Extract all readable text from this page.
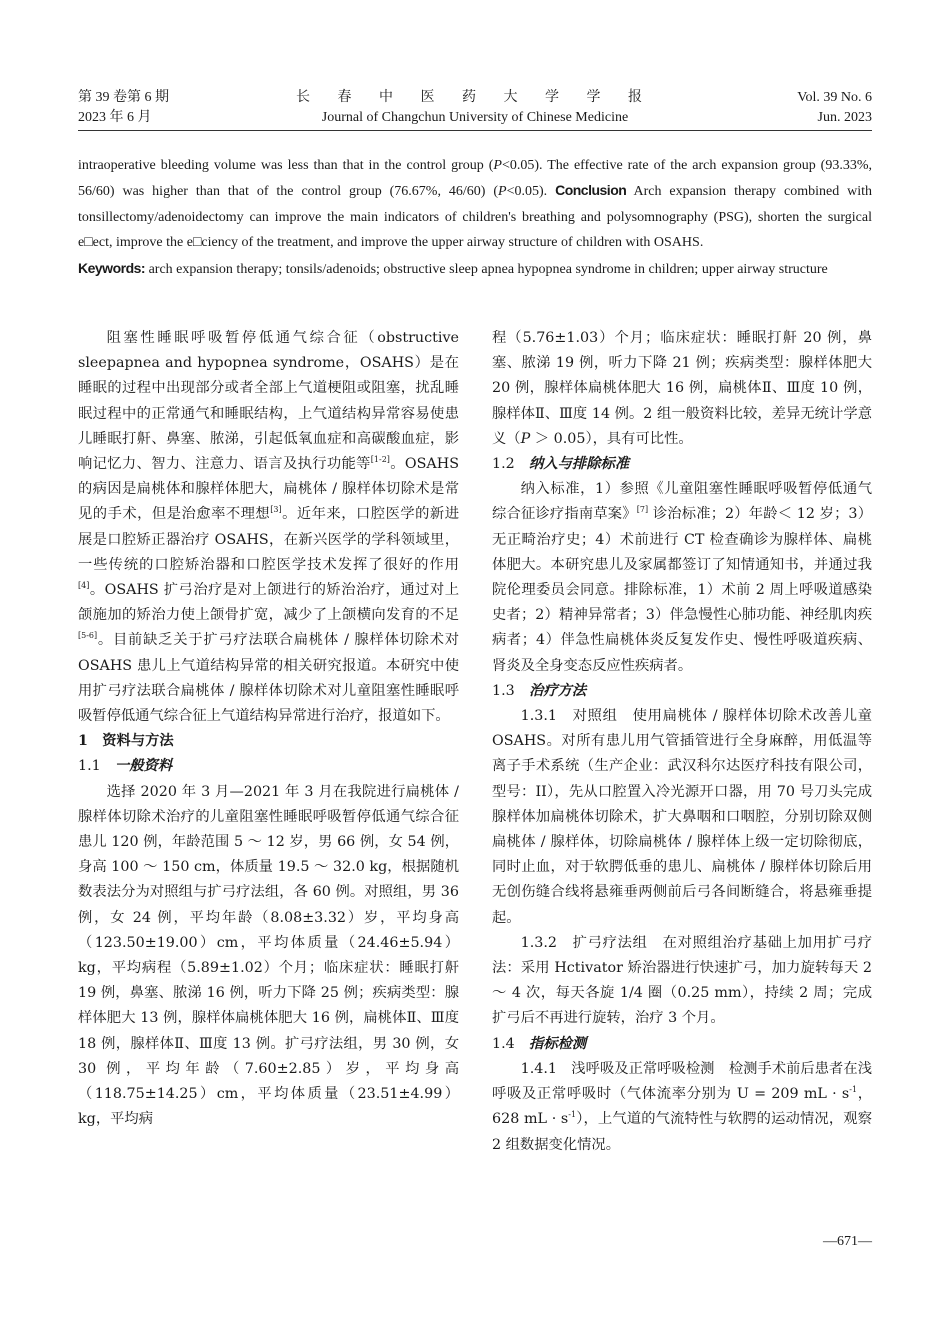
第 39 卷第 6 期
2023 年 6 月
长 春 中 医 药 大 学 学 报
Journal of Changchun University of Chinese Medicine
Vol. 39 No. 6
Jun. 2023
intraoperative bleeding volume was less than that in the control group (P<0.05). The effective rate of the arch expansion group (93.33%, 56/60) was higher than that of the control group (76.67%, 46/60) (P<0.05). Conclusion Arch expansion therapy combined with tonsillectomy/adenoidectomy can improve the main indicators of children's breathing and polysomnography (PSG), shorten the surgical e□ect, improve the e□ciency of the treatment, and improve the upper airway structure of children with OSAHS.
Keywords: arch expansion therapy; tonsils/adenoids; obstructive sleep apnea hypopnea syndrome in children; upper airway structure

阻塞性睡眠呼吸暂停低通气综合征（obstructive sleepapnea and hypopnea syndrome，OSAHS）是在睡眠的过程中出现部分或者全部上气道梗阻或阻塞，扰乱睡眠过程中的正常通气和睡眠结构，上气道结构异常容易使患儿睡眠打鼾、鼻塞、脓涕，引起低氧血症和高碳酸血症，影响记忆力、智力、注意力、语言及执行功能等[1-2]。OSAHS 的病因是扁桃体和腺样体肥大，扁桃体 / 腺样体切除术是常见的手术，但是治愈率不理想[3]。近年来，口腔医学的新进展是口腔矫正器治疗 OSAHS，在新兴医学的学科领域里，一些传统的口腔矫治器和口腔医学技术发挥了很好的作用[4]。OSAHS 扩弓治疗是对上颌进行的矫治治疗，通过对上颌施加的矫治力使上颌骨扩宽，减少了上颌横向发育的不足[5-6]。目前缺乏关于扩弓疗法联合扁桃体 / 腺样体切除术对 OSAHS 患儿上气道结构异常的相关研究报道。本研究中使用扩弓疗法联合扁桃体 / 腺样体切除术对儿童阻塞性睡眠呼吸暂停低通气综合征上气道结构异常进行治疗，报道如下。

1　资料与方法

1.1　一般资料

选择 2020 年 3 月—2021 年 3 月在我院进行扁桃体 / 腺样体切除术治疗的儿童阻塞性睡眠呼吸暂停低通气综合征患儿 120 例，年龄范围 5 ～ 12 岁，男 66 例，女 54 例，身高 100 ～ 150 cm，体质量 19.5 ～ 32.0 kg，根据随机数表法分为对照组与扩弓疗法组，各 60 例。对照组，男 36 例，女 24 例，平均年龄（8.08±3.32）岁，平均身高（123.50±19.00）cm，平均体质量（24.46±5.94）kg，平均病程（5.89±1.02）个月；临床症状：睡眠打鼾 19 例，鼻塞、脓涕 16 例，听力下降 25 例；疾病类型：腺样体肥大 13 例，腺样体扁桃体肥大 16 例，扁桃体Ⅱ、Ⅲ度 18 例，腺样体Ⅱ、Ⅲ度 13 例。扩弓疗法组，男 30 例，女 30 例，平均年龄（7.60±2.85）岁，平均身高（118.75±14.25）cm，平均体质量（23.51±4.99）kg，平均病

程（5.76±1.03）个月；临床症状：睡眠打鼾 20 例，鼻塞、脓涕 19 例，听力下降 21 例；疾病类型：腺样体肥大 20 例，腺样体扁桃体肥大 16 例，扁桃体Ⅱ、Ⅲ度 10 例，腺样体Ⅱ、Ⅲ度 14 例。2 组一般资料比较，差异无统计学意义（P ＞ 0.05），具有可比性。

1.2　纳入与排除标准

纳入标准，1）参照《儿童阻塞性睡眠呼吸暂停低通气综合征诊疗指南草案》[7] 诊治标准；2）年龄＜ 12 岁；3）无正畸治疗史；4）术前进行 CT 检查确诊为腺样体、扁桃体肥大。本研究患儿及家属都签订了知情通知书，并通过我院伦理委员会同意。排除标准，1）术前 2 周上呼吸道感染史者；2）精神异常者；3）伴急慢性心肺功能、神经肌肉疾病者；4）伴急性扁桃体炎反复发作史、慢性呼吸道疾病、肾炎及全身变态反应性疾病者。

1.3　治疗方法

1.3.1　对照组　使用扁桃体 / 腺样体切除术改善儿童 OSAHS。对所有患儿用气管插管进行全身麻醉，用低温等离子手术系统（生产企业：武汉科尔达医疗科技有限公司，型号：II），先从口腔置入冷光源开口器，用 70 号刀头完成腺样体加扁桃体切除术，扩大鼻咽和口咽腔，分别切除双侧扁桃体 / 腺样体，切除扁桃体 / 腺样体上级一定切除彻底，同时止血，对于软腭低垂的患儿、扁桃体 / 腺样体切除后用无创伤缝合线将悬雍垂两侧前后弓各间断缝合，将悬雍垂提起。

1.3.2　扩弓疗法组　在对照组治疗基础上加用扩弓疗法：采用 Hctivator 矫治器进行快速扩弓，加力旋转每天 2 ～ 4 次，每天各旋 1/4 圈（0.25 mm），持续 2 周；完成扩弓后不再进行旋转，治疗 3 个月。

1.4　指标检测

1.4.1　浅呼吸及正常呼吸检测　检测手术前后患者在浅呼吸及正常呼吸时（气体流率分别为 U = 209 mL · $s^{-1}$，628 mL · $s^{-1}$），上气道的气流特性与软腭的运动情况，观察 2 组数据变化情况。

—671—
